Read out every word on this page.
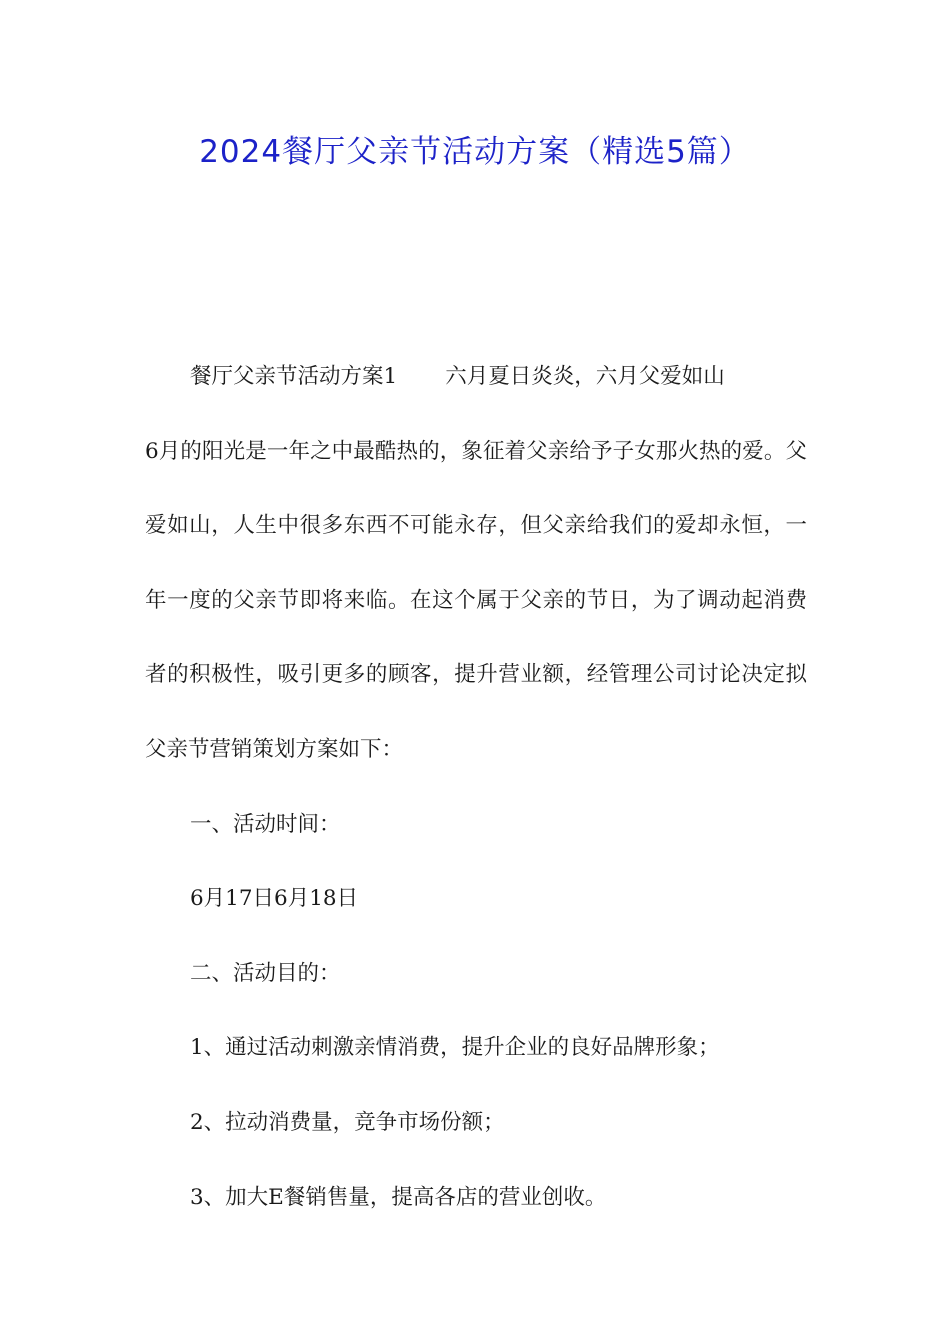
2024餐厅父亲节活动方案（精选5篇）

餐厅父亲节活动方案1 六月夏日炎炎，六月父爱如山

6月的阳光是一年之中最酷热的，象征着父亲给予子女那火热的爱。父爱如山，人生中很多东西不可能永存，但父亲给我们的爱却永恒，一年一度的父亲节即将来临。在这个属于父亲的节日，为了调动起消费者的积极性，吸引更多的顾客，提升营业额，经管理公司讨论决定拟父亲节营销策划方案如下：

一、活动时间：

6月17日6月18日

二、活动目的：

1、通过活动刺激亲情消费，提升企业的良好品牌形象；

2、拉动消费量，竞争市场份额；

3、加大E餐销售量，提高各店的营业创收。
